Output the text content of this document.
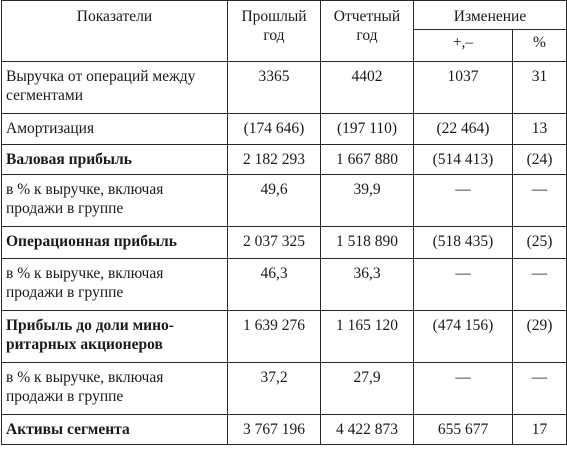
Показатели	Прошлый год	Отчетный год	Изменение	
			+,–	%
Выручка от операций между сегментами	3365	4402	1037	31
Амортизация	(174 646)	(197 110)	(22 464)	13
Валовая прибыль	2 182 293	1 667 880	(514 413)	(24)
в % к выручке, включая продажи в группе	49,6	39,9	—	—
Операционная прибыль	2 037 325	1 518 890	(518 435)	(25)
в % к выручке, включая продажи в группе	46,3	36,3	—	—
Прибыль до доли мино-ритарных акционеров	1 639 276	1 165 120	(474 156)	(29)
в % к выручке, включая продажи в группе	37,2	27,9	—	—
Активы сегмента	3 767 196	4 422 873	655 677	17
